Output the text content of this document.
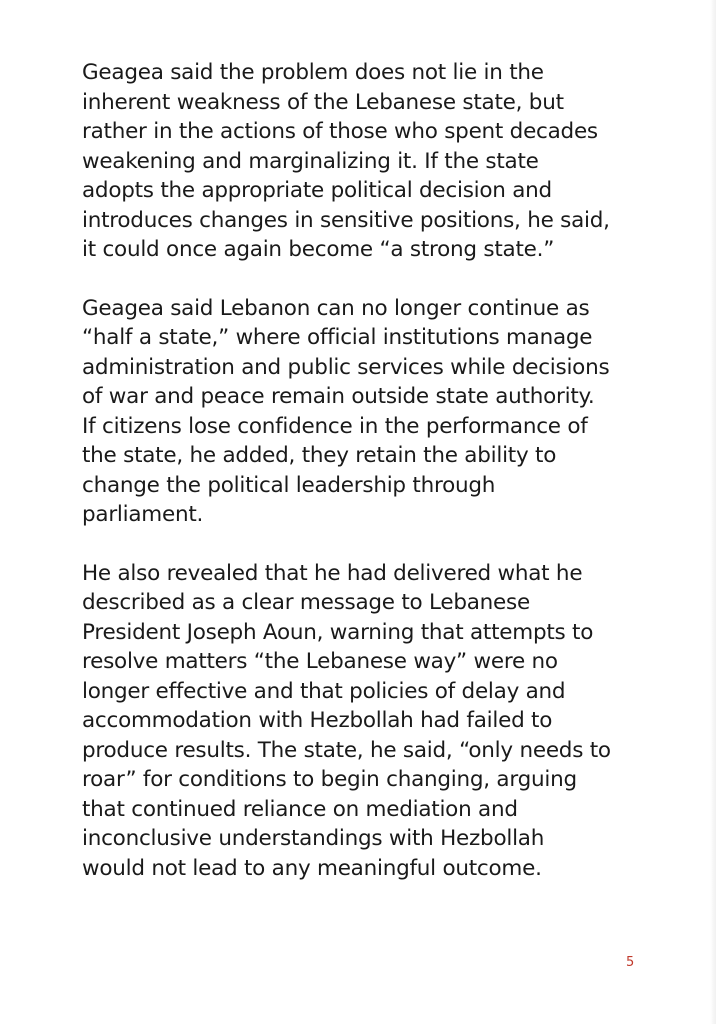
Geagea said the problem does not lie in the
inherent weakness of the Lebanese state, but
rather in the actions of those who spent decades
weakening and marginalizing it. If the state
adopts the appropriate political decision and
introduces changes in sensitive positions, he said,
it could once again become “a strong state.”

Geagea said Lebanon can no longer continue as
“half a state,” where official institutions manage
administration and public services while decisions
of war and peace remain outside state authority.
If citizens lose confidence in the performance of
the state, he added, they retain the ability to
change the political leadership through
parliament.

He also revealed that he had delivered what he
described as a clear message to Lebanese
President Joseph Aoun, warning that attempts to
resolve matters “the Lebanese way” were no
longer effective and that policies of delay and
accommodation with Hezbollah had failed to
produce results. The state, he said, “only needs to
roar” for conditions to begin changing, arguing
that continued reliance on mediation and
inconclusive understandings with Hezbollah
would not lead to any meaningful outcome.

5
